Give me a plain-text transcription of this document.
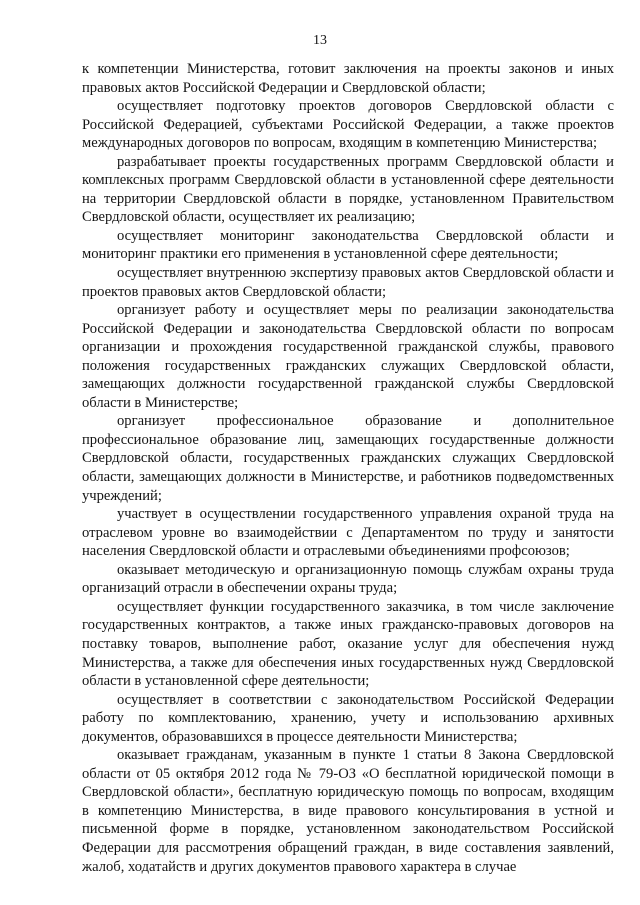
13

к компетенции Министерства, готовит заключения на проекты законов и иных правовых актов Российской Федерации и Свердловской области;

осуществляет подготовку проектов договоров Свердловской области с Российской Федерацией, субъектами Российской Федерации, а также проектов международных договоров по вопросам, входящим в компетенцию Министерства;

разрабатывает проекты государственных программ Свердловской области и комплексных программ Свердловской области в установленной сфере деятельности на территории Свердловской области в порядке, установленном Правительством Свердловской области, осуществляет их реализацию;

осуществляет мониторинг законодательства Свердловской области и мониторинг практики его применения в установленной сфере деятельности;

осуществляет внутреннюю экспертизу правовых актов Свердловской области и проектов правовых актов Свердловской области;

организует работу и осуществляет меры по реализации законодательства Российской Федерации и законодательства Свердловской области по вопросам организации и прохождения государственной гражданской службы, правового положения государственных гражданских служащих Свердловской области, замещающих должности государственной гражданской службы Свердловской области в Министерстве;

организует профессиональное образование и дополнительное профессиональное образование лиц, замещающих государственные должности Свердловской области, государственных гражданских служащих Свердловской области, замещающих должности в Министерстве, и работников подведомственных учреждений;

участвует в осуществлении государственного управления охраной труда на отраслевом уровне во взаимодействии с Департаментом по труду и занятости населения Свердловской области и отраслевыми объединениями профсоюзов;

оказывает методическую и организационную помощь службам охраны труда организаций отрасли в обеспечении охраны труда;

осуществляет функции государственного заказчика, в том числе заключение государственных контрактов, а также иных гражданско-правовых договоров на поставку товаров, выполнение работ, оказание услуг для обеспечения нужд Министерства, а также для обеспечения иных государственных нужд Свердловской области в установленной сфере деятельности;

осуществляет в соответствии с законодательством Российской Федерации работу по комплектованию, хранению, учету и использованию архивных документов, образовавшихся в процессе деятельности Министерства;

оказывает гражданам, указанным в пункте 1 статьи 8 Закона Свердловской области от 05 октября 2012 года № 79-ОЗ «О бесплатной юридической помощи в Свердловской области», бесплатную юридическую помощь по вопросам, входящим в компетенцию Министерства, в виде правового консультирования в устной и письменной форме в порядке, установленном законодательством Российской Федерации для рассмотрения обращений граждан, в виде составления заявлений, жалоб, ходатайств и других документов правового характера в случае
